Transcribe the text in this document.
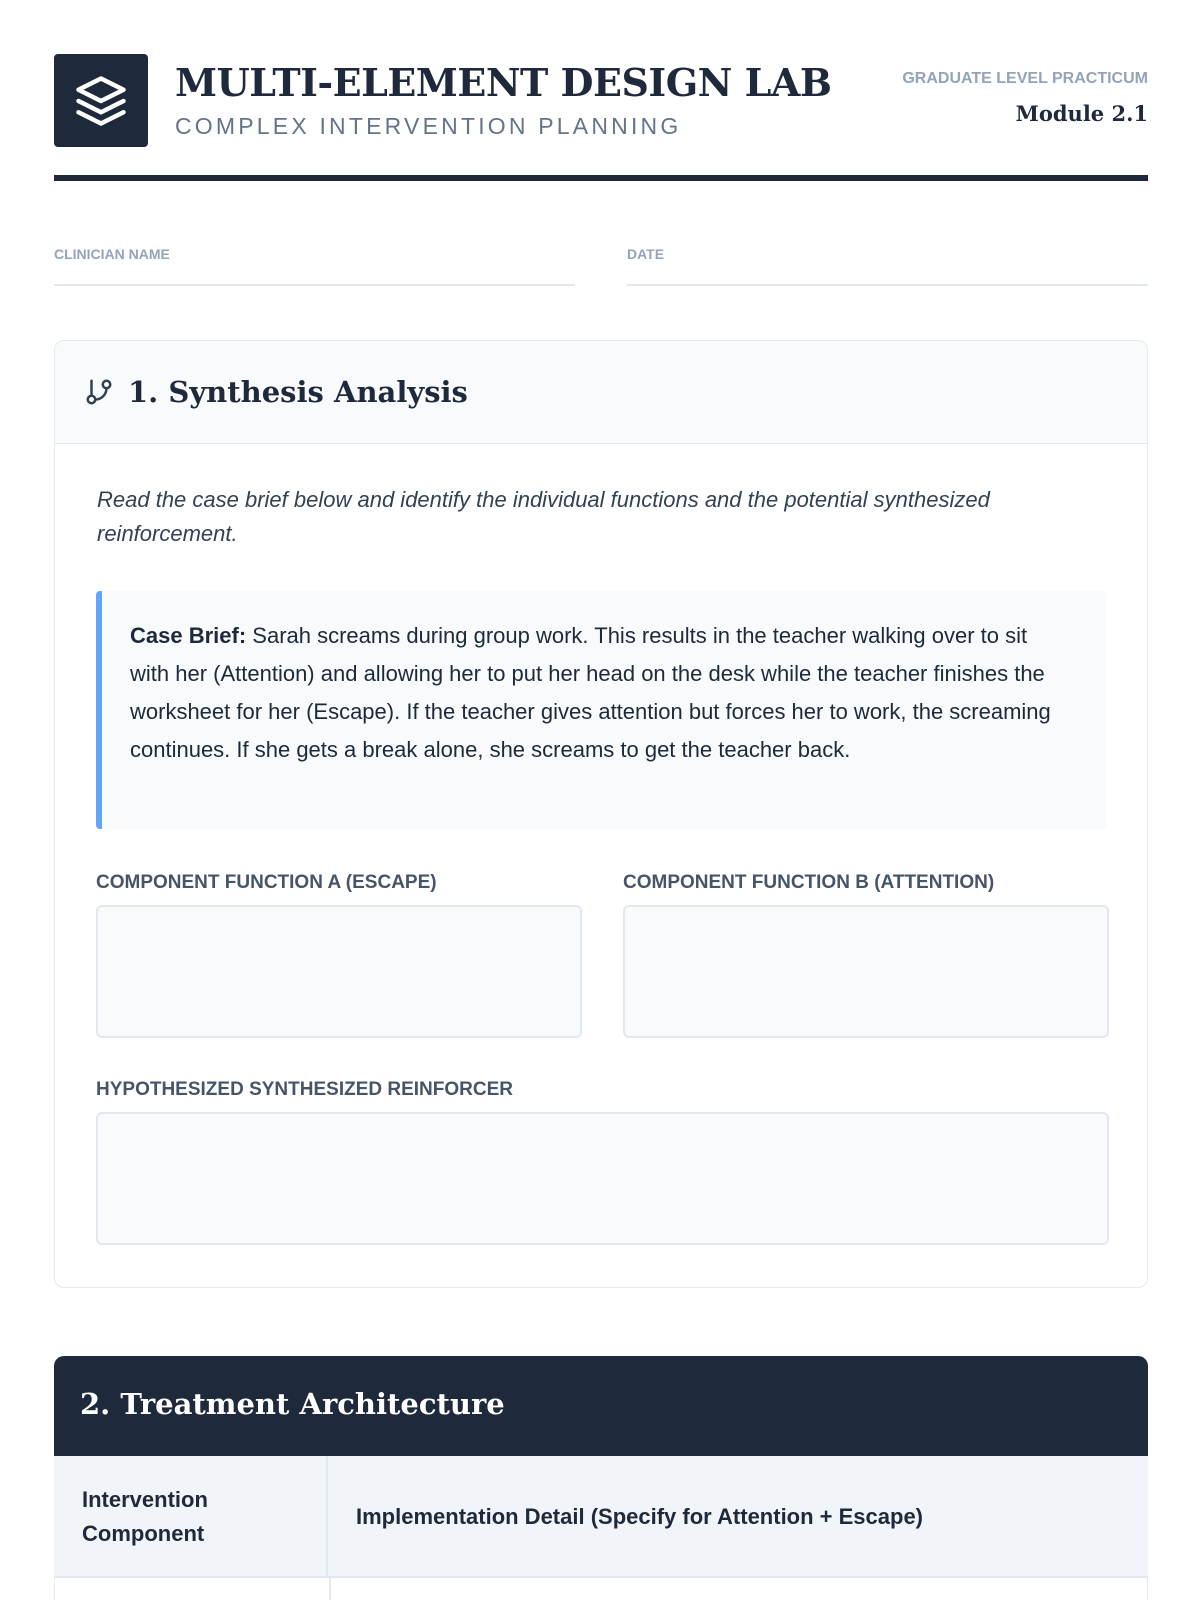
MULTI-ELEMENT DESIGN LAB
COMPLEX INTERVENTION PLANNING
GRADUATE LEVEL PRACTICUM
Module 2.1
CLINICIAN NAME	DATE
1. Synthesis Analysis
Read the case brief below and identify the individual functions and the potential synthesized reinforcement.
Case Brief: Sarah screams during group work. This results in the teacher walking over to sit with her (Attention) and allowing her to put her head on the desk while the teacher finishes the worksheet for her (Escape). If the teacher gives attention but forces her to work, the screaming continues. If she gets a break alone, she screams to get the teacher back.
COMPONENT FUNCTION A (ESCAPE)	COMPONENT FUNCTION B (ATTENTION)
HYPOTHESIZED SYNTHESIZED REINFORCER
2. Treatment Architecture
Intervention Component
Implementation Detail (Specify for Attention + Escape)
